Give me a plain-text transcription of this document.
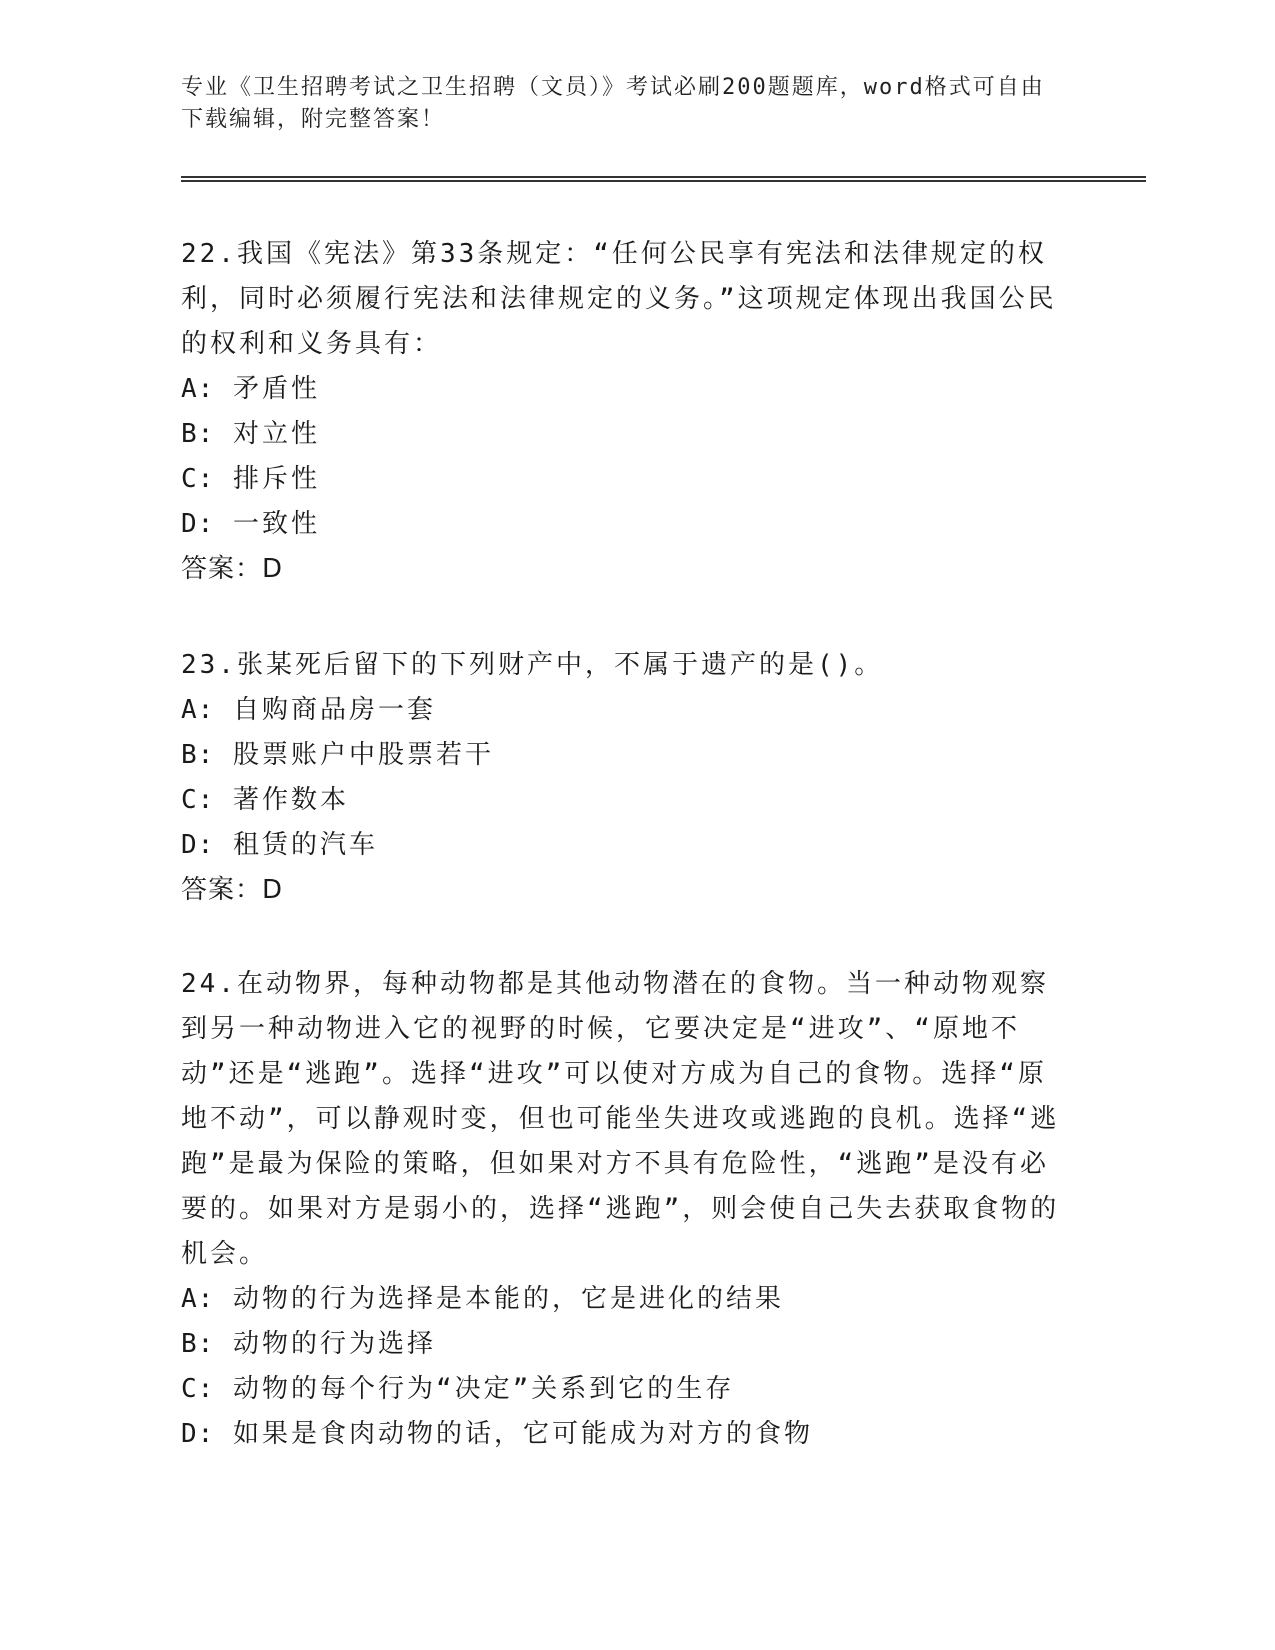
专业《卫生招聘考试之卫生招聘（文员）》考试必刷200题题库，word格式可自由下载编辑，附完整答案！

22.我国《宪法》第33条规定：“任何公民享有宪法和法律规定的权利，同时必须履行宪法和法律规定的义务。”这项规定体现出我国公民的权利和义务具有：

A: 矛盾性

B: 对立性

C: 排斥性

D: 一致性

答案：D

23.张某死后留下的下列财产中，不属于遗产的是()。

A: 自购商品房一套

B: 股票账户中股票若干

C: 著作数本

D: 租赁的汽车

答案：D

24.在动物界，每种动物都是其他动物潜在的食物。当一种动物观察到另一种动物进入它的视野的时候，它要决定是“进攻”、“原地不动”还是“逃跑”。选择“进攻”可以使对方成为自己的食物。选择“原地不动”，可以静观时变，但也可能坐失进攻或逃跑的良机。选择“逃跑”是最为保险的策略，但如果对方不具有危险性，“逃跑”是没有必要的。如果对方是弱小的，选择“逃跑”，则会使自己失去获取食物的机会。

A: 动物的行为选择是本能的，它是进化的结果

B: 动物的行为选择

C: 动物的每个行为“决定”关系到它的生存

D: 如果是食肉动物的话，它可能成为对方的食物
